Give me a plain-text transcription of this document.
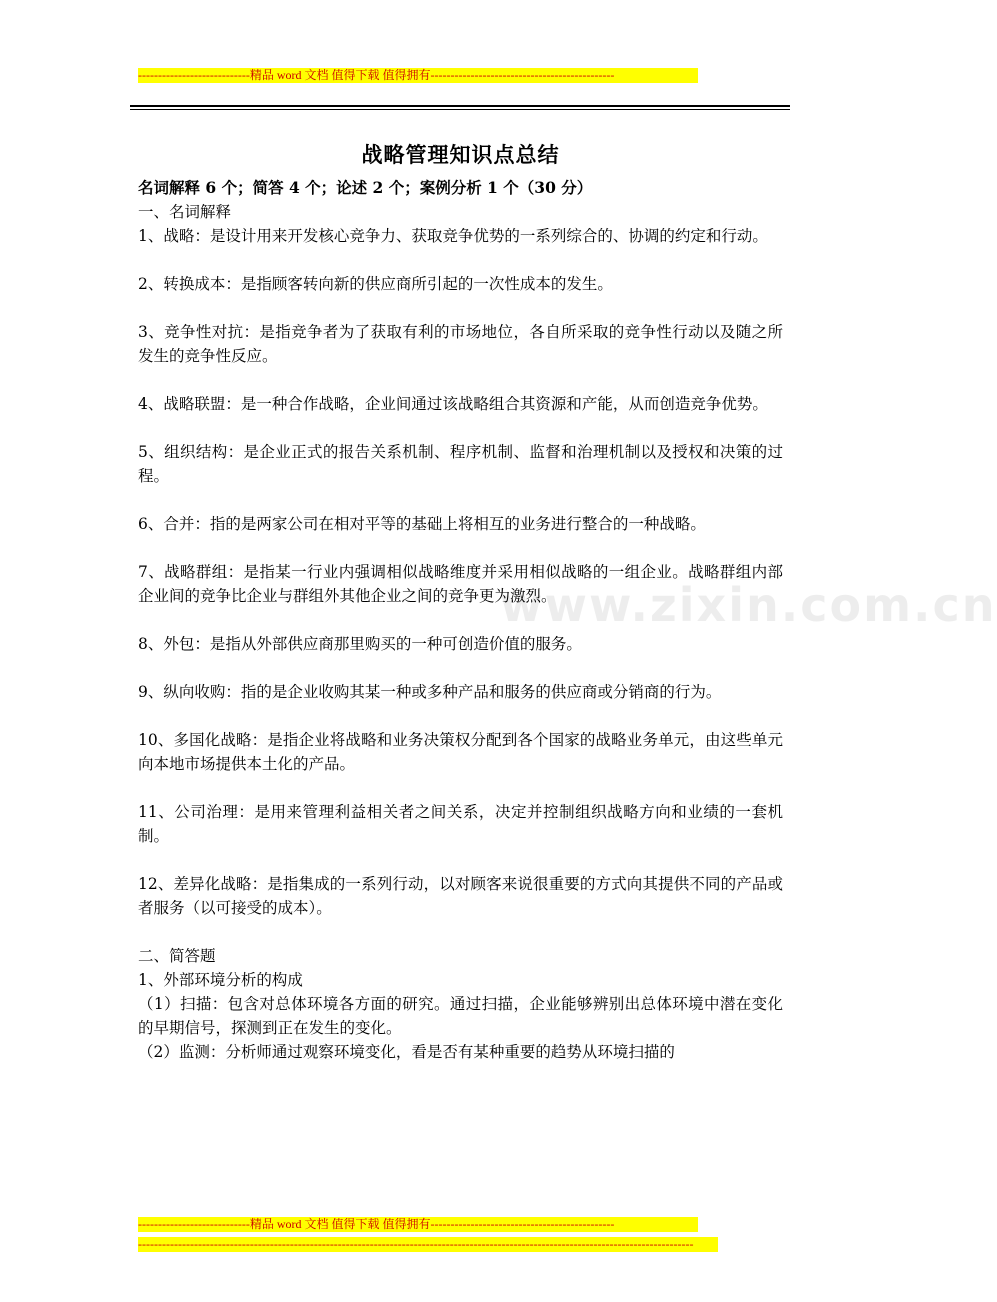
----------------------------精品 word 文档 值得下载 值得拥有----------------------------------------------
www.zixin.com.cn
战略管理知识点总结

名词解释 6 个；简答 4 个；论述 2 个；案例分析 1 个（30 分）

一、名词解释

1、战略：是设计用来开发核心竞争力、获取竞争优势的一系列综合的、协调的约定和行动。

2、转换成本：是指顾客转向新的供应商所引起的一次性成本的发生。

3、竞争性对抗：是指竞争者为了获取有利的市场地位，各自所采取的竞争性行动以及随之所发生的竞争性反应。

4、战略联盟：是一种合作战略，企业间通过该战略组合其资源和产能，从而创造竞争优势。

5、组织结构：是企业正式的报告关系机制、程序机制、监督和治理机制以及授权和决策的过程。

6、合并：指的是两家公司在相对平等的基础上将相互的业务进行整合的一种战略。

7、战略群组：是指某一行业内强调相似战略维度并采用相似战略的一组企业。战略群组内部企业间的竞争比企业与群组外其他企业之间的竞争更为激烈。

8、外包：是指从外部供应商那里购买的一种可创造价值的服务。

9、纵向收购：指的是企业收购其某一种或多种产品和服务的供应商或分销商的行为。

10、多国化战略：是指企业将战略和业务决策权分配到各个国家的战略业务单元，由这些单元向本地市场提供本土化的产品。

11、公司治理：是用来管理利益相关者之间关系，决定并控制组织战略方向和业绩的一套机制。

12、差异化战略：是指集成的一系列行动，以对顾客来说很重要的方式向其提供不同的产品或者服务（以可接受的成本）。

二、简答题

1、外部环境分析的构成

（1）扫描：包含对总体环境各方面的研究。通过扫描，企业能够辨别出总体环境中潜在变化的早期信号，探测到正在发生的变化。

（2）监测：分析师通过观察环境变化，看是否有某种重要的趋势从环境扫描的

----------------------------精品 word 文档 值得下载 值得拥有----------------------------------------------
-------------------------------------------------------------------------------------------------------------------------------------------
